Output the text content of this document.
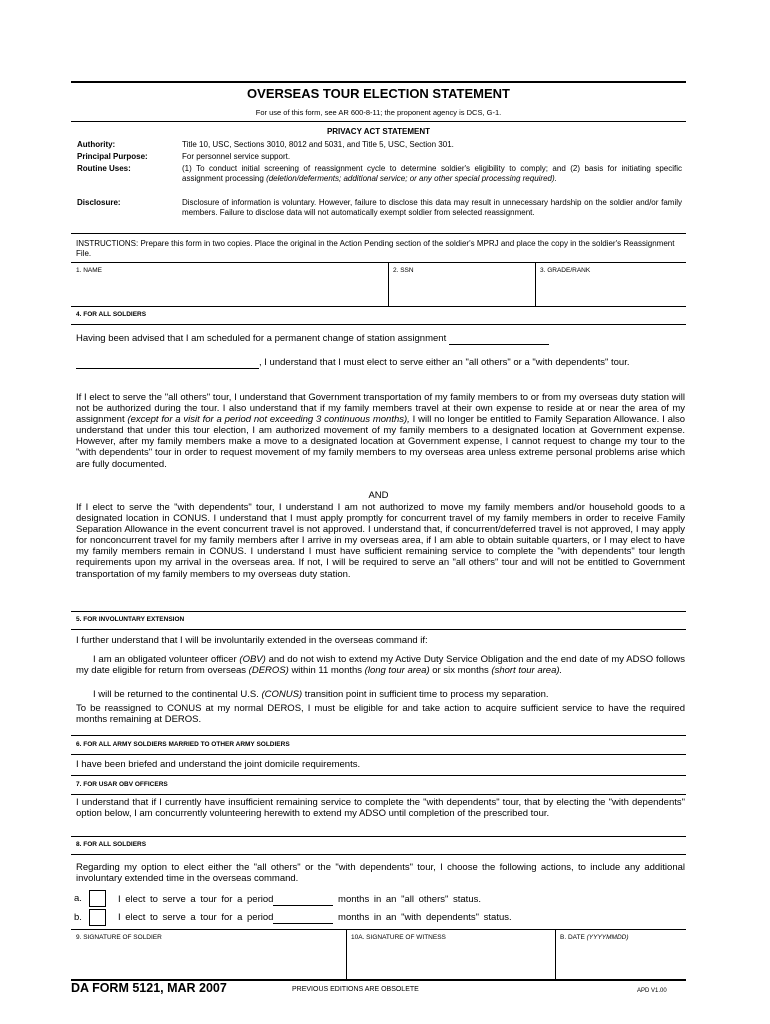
OVERSEAS TOUR ELECTION STATEMENT
For use of this form, see AR 600-8-11; the proponent agency is DCS, G-1.
PRIVACY ACT STATEMENT
Authority:	Title 10, USC, Sections 3010, 8012 and 5031, and Title 5, USC, Section 301.
Principal Purpose:	For personnel service support.
Routine Uses:	(1) To conduct initial screening of reassignment cycle to determine soldier's eligibility to comply; and (2) basis for initiating specific assignment processing (deletion/deferments; additional service; or any other special processing required).
Disclosure:	Disclosure of information is voluntary. However, failure to disclose this data may result in unnecessary hardship on the soldier and/or family members. Failure to disclose data will not automatically exempt soldier from selected reassignment.
INSTRUCTIONS: Prepare this form in two copies. Place the original in the Action Pending section of the soldier's MPRJ and place the copy in the soldier's Reassignment File.
1. NAME	2. SSN	3. GRADE/RANK
4. FOR ALL SOLDIERS
Having been advised that I am scheduled for a permanent change of station assignment
, I understand that I must elect to serve either an "all others" or a "with dependents" tour.
If I elect to serve the "all others" tour, I understand that Government transportation of my family members to or from my overseas duty station will not be authorized during the tour. I also understand that if my family members travel at their own expense to reside at or near the area of my assignment (except for a visit for a period not exceeding 3 continuous months), I will no longer be entitled to Family Separation Allowance. I also understand that under this tour election, I am authorized movement of my family members to a designated location at Government expense. However, after my family members make a move to a designated location at Government expense, I cannot request to change my tour to the "with dependents" tour in order to request movement of my family members to my overseas area unless extreme personal problems arise which are fully documented.
AND
If I elect to serve the "with dependents" tour, I understand I am not authorized to move my family members and/or household goods to a designated location in CONUS. I understand that I must apply promptly for concurrent travel of my family members in order to receive Family Separation Allowance in the event concurrent travel is not approved. I understand that, if concurrent/deferred travel is not approved, I may apply for nonconcurrent travel for my family members after I arrive in my overseas area, if I am able to obtain suitable quarters, or I may elect to have my family members remain in CONUS. I understand I must have sufficient remaining service to complete the "with dependents" tour length requirements upon my arrival in the overseas area. If not, I will be required to serve an "all others" tour and will not be entitled to Government transportation of my family members to my overseas duty station.
5. FOR INVOLUNTARY EXTENSION
I further understand that I will be involuntarily extended in the overseas command if:
I am an obligated volunteer officer (OBV) and do not wish to extend my Active Duty Service Obligation and the end date of my ADSO follows my date eligible for return from overseas (DEROS) within 11 months (long tour area) or six months (short tour area).
I will be returned to the continental U.S. (CONUS) transition point in sufficient time to process my separation.
To be reassigned to CONUS at my normal DEROS, I must be eligible for and take action to acquire sufficient service to have the required months remaining at DEROS.
6. FOR ALL ARMY SOLDIERS MARRIED TO OTHER ARMY SOLDIERS
I have been briefed and understand the joint domicile requirements.
7. FOR USAR OBV OFFICERS
I understand that if I currently have insufficient remaining service to complete the "with dependents" tour, that by electing the "with dependents" option below, I am concurrently volunteering herewith to extend my ADSO until completion of the prescribed tour.
8. FOR ALL SOLDIERS
Regarding my option to elect either the "all others" or the "with dependents" tour, I choose the following actions, to include any additional involuntary extended time in the overseas command.
a.	I elect to serve a tour for a period	months in an "all others" status.
b.	I elect to serve a tour for a period	months in an "with dependents" status.
9. SIGNATURE OF SOLDIER	10A. SIGNATURE OF WITNESS	B. DATE (YYYYMMDD)
DA FORM 5121, MAR 2007	PREVIOUS EDITIONS ARE OBSOLETE	APD V1.00
